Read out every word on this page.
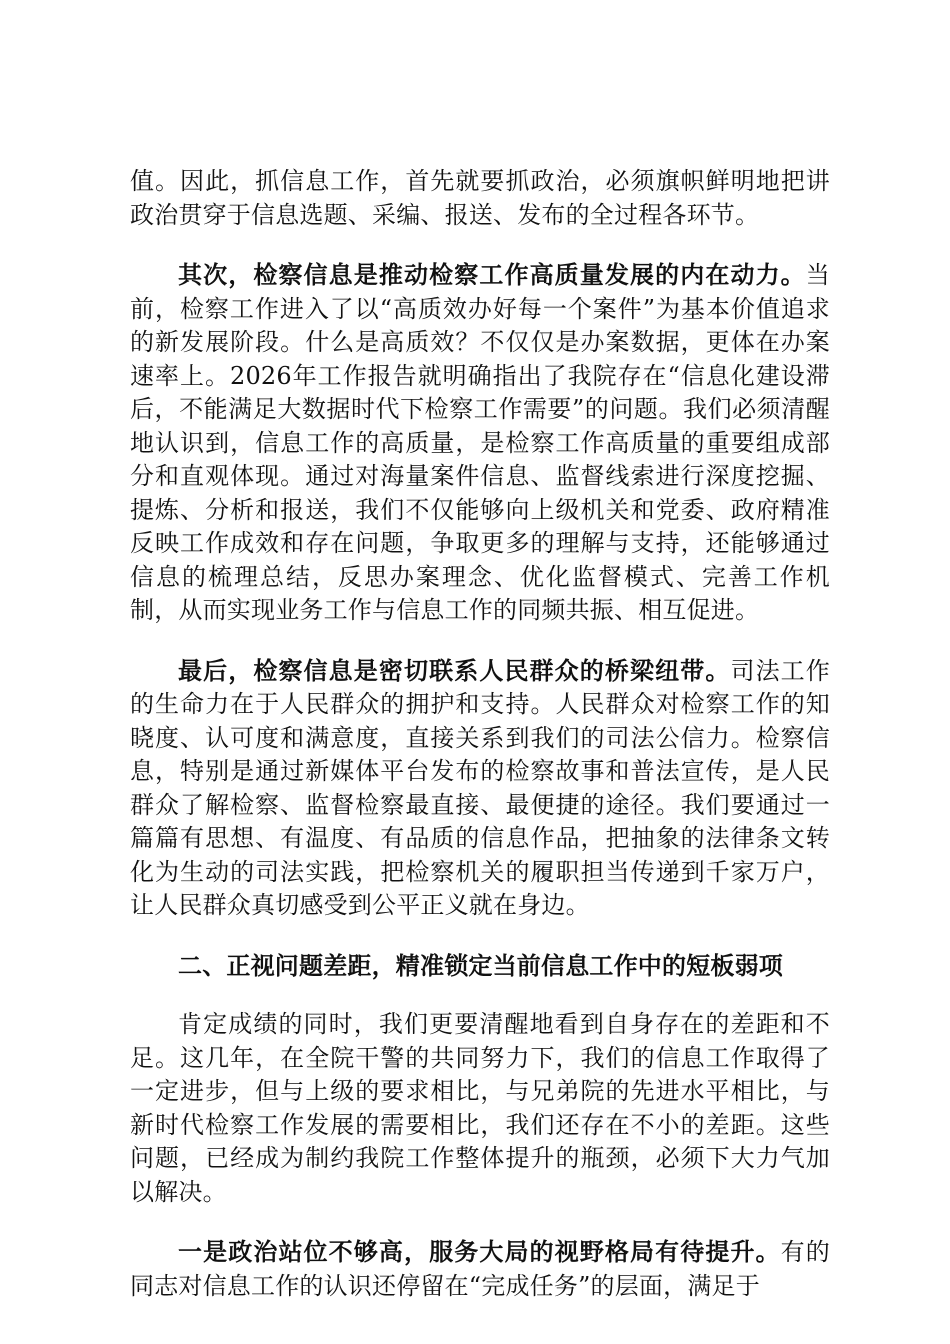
值。因此，抓信息工作，首先就要抓政治，必须旗帜鲜明地把讲政治贯穿于信息选题、采编、报送、发布的全过程各环节。

其次，检察信息是推动检察工作高质量发展的内在动力。当前，检察工作进入了以“高质效办好每一个案件”为基本价值追求的新发展阶段。什么是高质效？不仅仅是办案数据，更体在办案速率上。2026年工作报告就明确指出了我院存在“信息化建设滞后，不能满足大数据时代下检察工作需要”的问题。我们必须清醒地认识到，信息工作的高质量，是检察工作高质量的重要组成部分和直观体现。通过对海量案件信息、监督线索进行深度挖掘、提炼、分析和报送，我们不仅能够向上级机关和党委、政府精准反映工作成效和存在问题，争取更多的理解与支持，还能够通过信息的梳理总结，反思办案理念、优化监督模式、完善工作机制，从而实现业务工作与信息工作的同频共振、相互促进。

最后，检察信息是密切联系人民群众的桥梁纽带。司法工作的生命力在于人民群众的拥护和支持。人民群众对检察工作的知晓度、认可度和满意度，直接关系到我们的司法公信力。检察信息，特别是通过新媒体平台发布的检察故事和普法宣传，是人民群众了解检察、监督检察最直接、最便捷的途径。我们要通过一篇篇有思想、有温度、有品质的信息作品，把抽象的法律条文转化为生动的司法实践，把检察机关的履职担当传递到千家万户，让人民群众真切感受到公平正义就在身边。

二、正视问题差距，精准锁定当前信息工作中的短板弱项

肯定成绩的同时，我们更要清醒地看到自身存在的差距和不足。这几年，在全院干警的共同努力下，我们的信息工作取得了一定进步，但与上级的要求相比，与兄弟院的先进水平相比，与新时代检察工作发展的需要相比，我们还存在不小的差距。这些问题，已经成为制约我院工作整体提升的瓶颈，必须下大力气加以解决。

一是政治站位不够高，服务大局的视野格局有待提升。有的同志对信息工作的认识还停留在“完成任务”的层面，满足于
